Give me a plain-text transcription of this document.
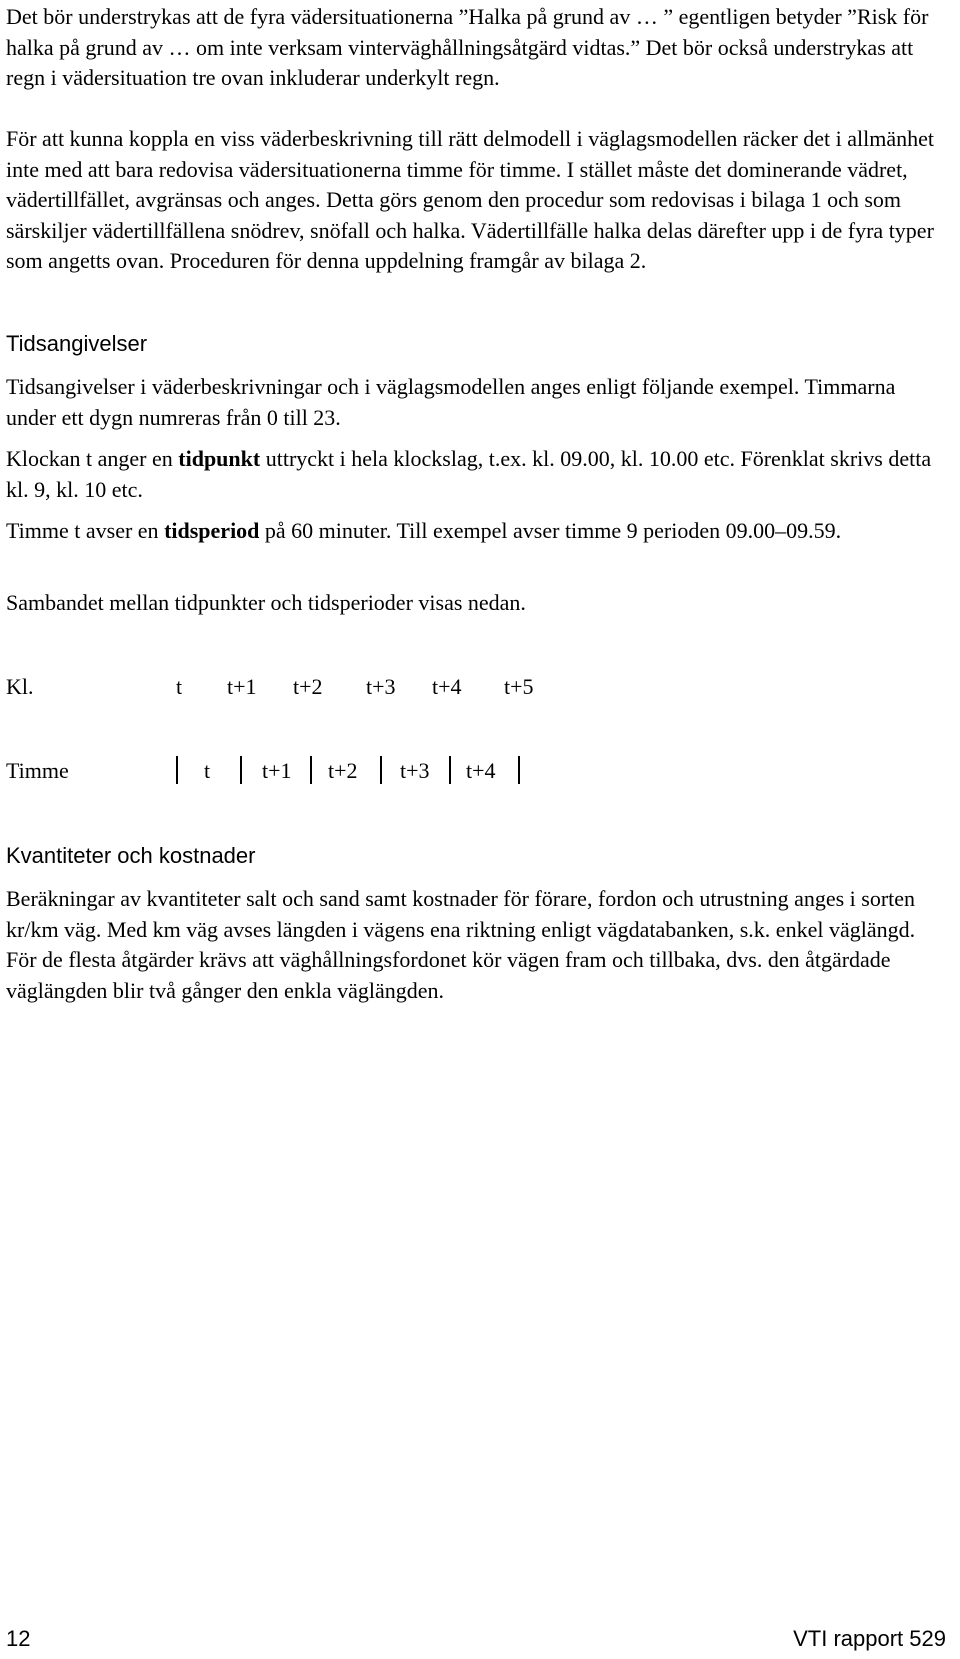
Det bör understrykas att de fyra vädersituationerna ”Halka på grund av … ” egentligen betyder ”Risk för halka på grund av … om inte verksam vinterväghållningsåtgärd vidtas.” Det bör också understrykas att regn i vädersituation tre ovan inkluderar underkylt regn.

För att kunna koppla en viss väderbeskrivning till rätt delmodell i väglagsmodellen räcker det i allmänhet inte med att bara redovisa vädersituationerna timme för timme. I stället måste det dominerande vädret, vädertillfället, avgränsas och anges. Detta görs genom den procedur som redovisas i bilaga 1 och som särskiljer vädertillfällena snödrev, snöfall och halka. Vädertillfälle halka delas därefter upp i de fyra typer som angetts ovan. Proceduren för denna uppdelning framgår av bilaga 2.

Tidsangivelser

Tidsangivelser i väderbeskrivningar och i väglagsmodellen anges enligt följande exempel. Timmarna under ett dygn numreras från 0 till 23.

Klockan t anger en tidpunkt uttryckt i hela klockslag, t.ex. kl. 09.00, kl. 10.00 etc. Förenklat skrivs detta kl. 9, kl. 10 etc.

Timme t avser en tidsperiod på 60 minuter. Till exempel avser timme 9 perioden 09.00–09.59.

Sambandet mellan tidpunkter och tidsperioder visas nedan.

Kl.	t t+1 t+2 t+3 t+4 t+5
Timme	t t+1 t+2 t+3 t+4
Kvantiteter och kostnader

Beräkningar av kvantiteter salt och sand samt kostnader för förare, fordon och utrustning anges i sorten kr/km väg. Med km väg avses längden i vägens ena riktning enligt vägdatabanken, s.k. enkel väglängd. För de flesta åtgärder krävs att väghållningsfordonet kör vägen fram och tillbaka, dvs. den åtgärdade väglängden blir två gånger den enkla väglängden.

12	VTI rapport 529
